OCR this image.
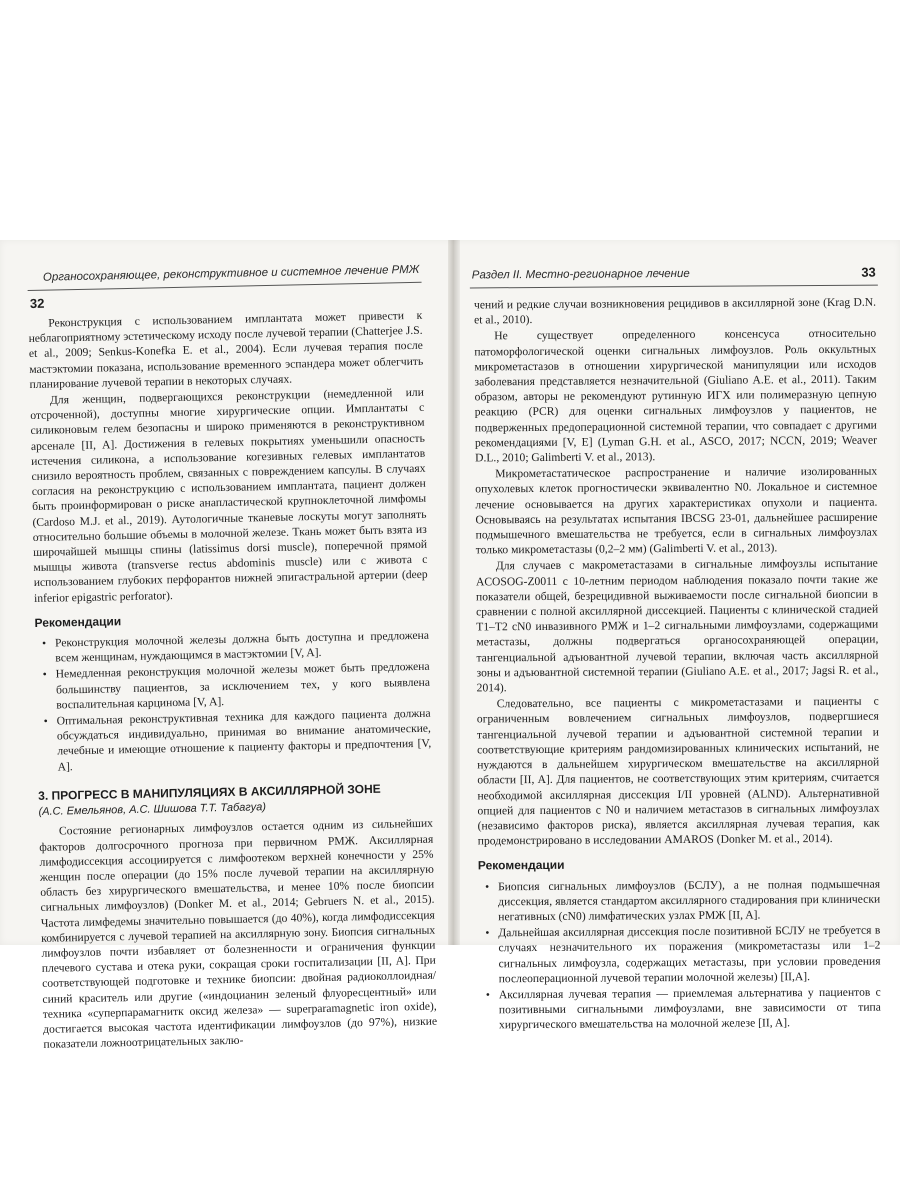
Органосохраняющее, реконструктивное и системное лечение РМЖ
32

Реконструкция с использованием имплантата может привести к неблагоприятному эстетическому исходу после лучевой терапии (Chatterjee J.S. et al., 2009; Senkus-Konefka E. et al., 2004). Если лучевая терапия после мастэктомии показана, использование временного эспандера может облегчить планирование лучевой терапии в некоторых случаях.

Для женщин, подвергающихся реконструкции (немедленной или отсроченной), доступны многие хирургические опции. Имплантаты с силиконовым гелем безопасны и широко применяются в реконструктивном арсенале [II, A]. Достижения в гелевых покрытиях уменьшили опасность истечения силикона, а использование когезивных гелевых имплантатов снизило вероятность проблем, связанных с повреждением капсулы. В случаях согласия на реконструкцию с использованием имплантата, пациент должен быть проинформирован о риске анапластической крупноклеточной лимфомы (Cardoso M.J. et al., 2019). Аутологичные тканевые лоскуты могут заполнять относительно большие объемы в молочной железе. Ткань может быть взята из широчайшей мышцы спины (latissimus dorsi muscle), поперечной прямой мышцы живота (transverse rectus abdominis muscle) или с живота с использованием глубоких перфорантов нижней эпигастральной артерии (deep inferior epigastric perforator).

Рекомендации
• Реконструкция молочной железы должна быть доступна и предложена всем женщинам, нуждающимся в мастэктомии [V, A].
• Немедленная реконструкция молочной железы может быть предложена большинству пациентов, за исключением тех, у кого выявлена воспалительная карцинома [V, A].
• Оптимальная реконструктивная техника для каждого пациента должна обсуждаться индивидуально, принимая во внимание анатомические, лечебные и имеющие отношение к пациенту факторы и предпочтения [V, A].
3. ПРОГРЕСС В МАНИПУЛЯЦИЯХ В АКСИЛЛЯРНОЙ ЗОНЕ
(А.С. Емельянов, А.С. Шишова Т.Т. Табагуа)

Состояние регионарных лимфоузлов остается одним из сильнейших факторов долгосрочного прогноза при первичном РМЖ. Аксиллярная лимфодиссекция ассоциируется с лимфоотеком верхней конечности у 25% женщин после операции (до 15% после лучевой терапии на аксиллярную область без хирургического вмешательства, и менее 10% после биопсии сигнальных лимфоузлов) (Donker M. et al., 2014; Gebruers N. et al., 2015). Частота лимфедемы значительно повышается (до 40%), когда лимфодиссекция комбинируется с лучевой терапией на аксиллярную зону. Биопсия сигнальных лимфоузлов почти избавляет от болезненности и ограничения функции плечевого сустава и отека руки, сокращая сроки госпитализации [II, A]. При соответствующей подготовке и технике биопсии: двойная радиоколлоидная/синий краситель или другие («индоцианин зеленый флуоресцентный» или техника «суперпарамагнитк оксид железа» — superparamagnetic iron oxide), достигается высокая частота идентификации лимфоузлов (до 97%), низкие показатели ложноотрицательных заклю-

Раздел II. Местно-регионарное лечение	33

чений и редкие случаи возникновения рецидивов в аксиллярной зоне (Krag D.N. et al., 2010).

Не существует определенного консенсуса относительно патоморфологической оценки сигнальных лимфоузлов. Роль оккультных микрометастазов в отношении хирургической манипуляции или исходов заболевания представляется незначительной (Giuliano A.E. et al., 2011). Таким образом, авторы не рекомендуют рутинную ИГХ или полимеразную цепную реакцию (PCR) для оценки сигнальных лимфоузлов у пациентов, не подверженных предоперационной системной терапии, что совпадает с другими рекомендациями [V, E] (Lyman G.H. et al., ASCO, 2017; NCCN, 2019; Weaver D.L., 2010; Galimberti V. et al., 2013).

Микрометастатическое распространение и наличие изолированных опухолевых клеток прогностически эквивалентно N0. Локальное и системное лечение основывается на других характеристиках опухоли и пациента. Основываясь на результатах испытания IBCSG 23-01, дальнейшее расширение подмышечного вмешательства не требуется, если в сигнальных лимфоузлах только микрометастазы (0,2–2 мм) (Galimberti V. et al., 2013).

Для случаев с макрометастазами в сигнальные лимфоузлы испытание ACOSOG-Z0011 с 10-летним периодом наблюдения показало почти такие же показатели общей, безрецидивной выживаемости после сигнальной биопсии в сравнении с полной аксиллярной диссекцией. Пациенты с клинической стадией T1–T2 cN0 инвазивного РМЖ и 1–2 сигнальными лимфоузлами, содержащими метастазы, должны подвергаться органосохраняющей операции, тангенциальной адъювантной лучевой терапии, включая часть аксиллярной зоны и адъювантной системной терапии (Giuliano A.E. et al., 2017; Jagsi R. et al., 2014).

Следовательно, все пациенты с микрометастазами и пациенты с ограниченным вовлечением сигнальных лимфоузлов, подвергшиеся тангенциальной лучевой терапии и адъювантной системной терапии и соответствующие критериям рандомизированных клинических испытаний, не нуждаются в дальнейшем хирургическом вмешательстве на аксиллярной области [II, A]. Для пациентов, не соответствующих этим критериям, считается необходимой аксиллярная диссекция I/II уровней (ALND). Альтернативной опцией для пациентов с N0 и наличием метастазов в сигнальных лимфоузлах (независимо факторов риска), является аксиллярная лучевая терапия, как продемонстрировано в исследовании AMAROS (Donker M. et al., 2014).

Рекомендации
• Биопсия сигнальных лимфоузлов (БСЛУ), а не полная подмышечная диссекция, является стандартом аксиллярного стадирования при клинически негативных (cN0) лимфатических узлах РМЖ [II, A].
• Дальнейшая аксиллярная диссекция после позитивной БСЛУ не требуется в случаях незначительного их поражения (микрометастазы или 1–2 сигнальных лимфоузла, содержащих метастазы, при условии проведения послеоперационной лучевой терапии молочной железы) [II,A].
• Аксиллярная лучевая терапия — приемлемая альтернатива у пациентов с позитивными сигнальными лимфоузлами, вне зависимости от типа хирургического вмешательства на молочной железе [II, A].
